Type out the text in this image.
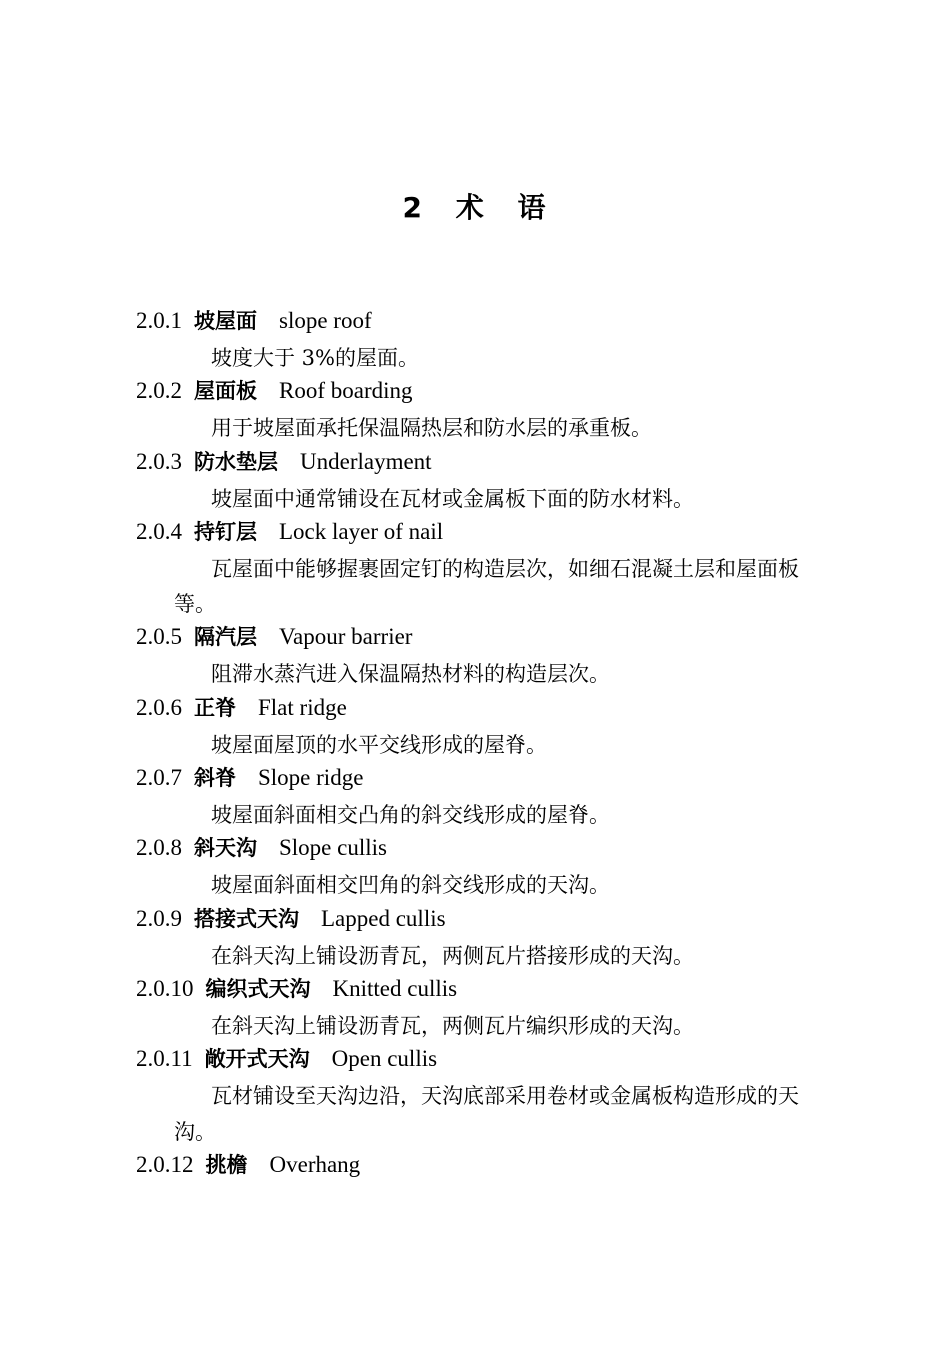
2 术 语
2.0.1 坡屋面 slope roof
坡度大于 3%的屋面。
2.0.2 屋面板 Roof boarding
用于坡屋面承托保温隔热层和防水层的承重板。
2.0.3 防水垫层 Underlayment
坡屋面中通常铺设在瓦材或金属板下面的防水材料。
2.0.4 持钉层 Lock layer of nail
瓦屋面中能够握裹固定钉的构造层次，如细石混凝土层和屋面板等。
2.0.5 隔汽层 Vapour barrier
阻滞水蒸汽进入保温隔热材料的构造层次。
2.0.6 正脊 Flat ridge
坡屋面屋顶的水平交线形成的屋脊。
2.0.7 斜脊 Slope ridge
坡屋面斜面相交凸角的斜交线形成的屋脊。
2.0.8 斜天沟 Slope cullis
坡屋面斜面相交凹角的斜交线形成的天沟。
2.0.9 搭接式天沟 Lapped cullis
在斜天沟上铺设沥青瓦，两侧瓦片搭接形成的天沟。
2.0.10 编织式天沟 Knitted cullis
在斜天沟上铺设沥青瓦，两侧瓦片编织形成的天沟。
2.0.11 敞开式天沟 Open cullis
瓦材铺设至天沟边沿，天沟底部采用卷材或金属板构造形成的天沟。
2.0.12 挑檐 Overhang
